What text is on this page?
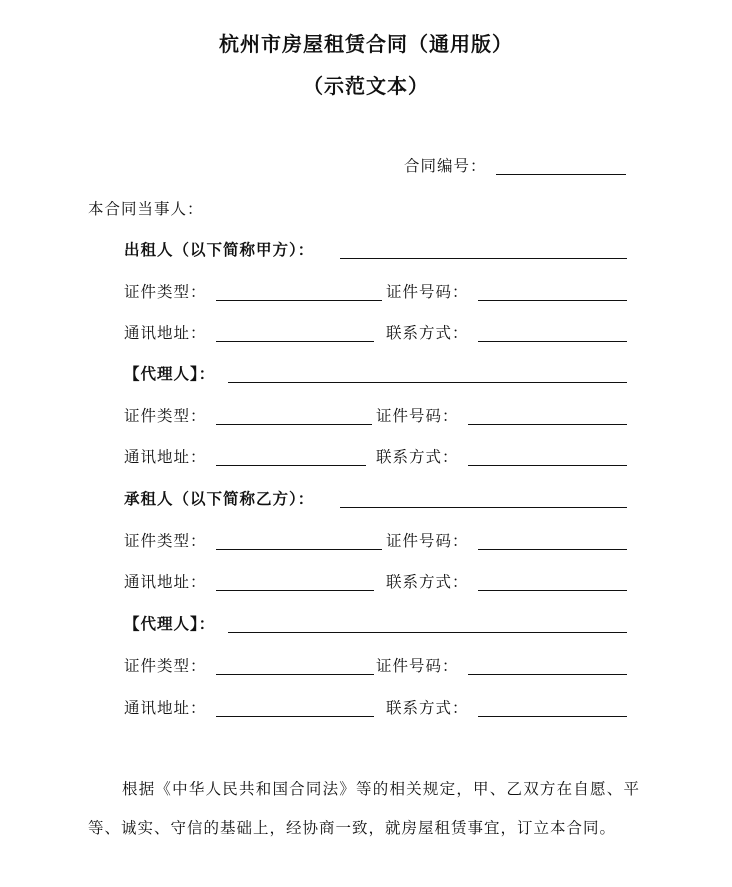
杭州市房屋租赁合同（通用版）
（示范文本）
合同编号：
本合同当事人：
出租人（以下简称甲方）：
证件类型：	证件号码：
通讯地址：	联系方式：
【代理人】：
证件类型：	证件号码：
通讯地址：	联系方式：
承租人（以下简称乙方）：
证件类型：	证件号码：
通讯地址：	联系方式：
【代理人】：
证件类型：	证件号码：
通讯地址：	联系方式：
根据《中华人民共和国合同法》等的相关规定，甲、乙双方在自愿、平等、诚实、守信的基础上，经协商一致，就房屋租赁事宜，订立本合同。
